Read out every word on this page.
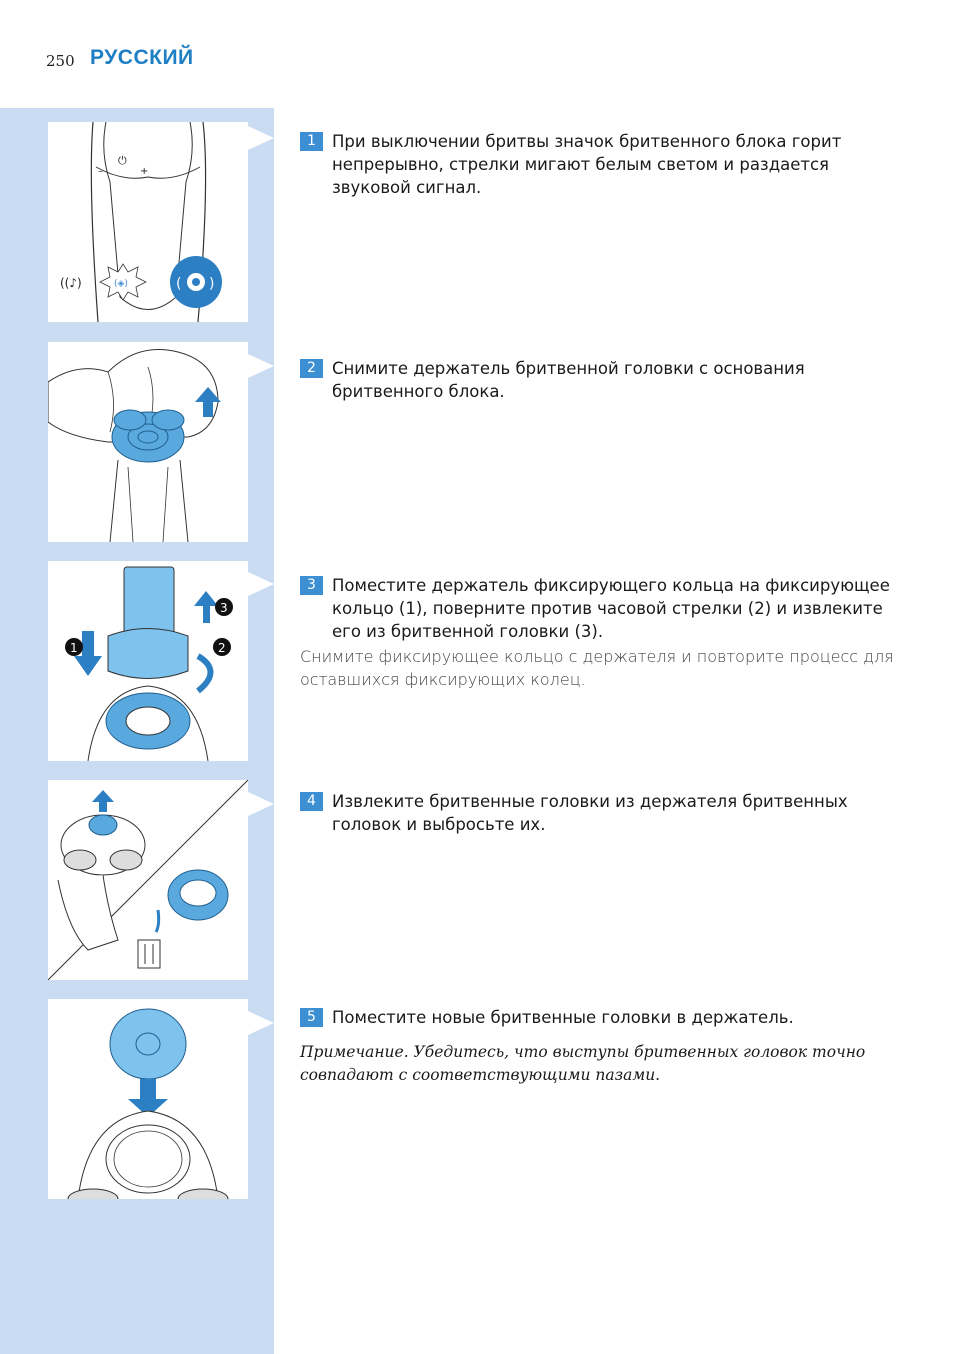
250 РУССКИЙ
⏻
–	+
(◈)
((♪)	( )
1	2
3
1 При выключении бритвы значок бритвенного блока горит непрерывно, стрелки мигают белым светом и раздается звуковой сигнал.
2 Снимите держатель бритвенной головки с основания бритвенного блока.
3 Поместите держатель фиксирующего кольца на фиксирующее кольцо (1), поверните против часовой стрелки (2) и извлеките его из бритвенной головки (3).
Снимите фиксирующее кольцо с держателя и повторите процесс для оставшихся фиксирующих колец.
4 Извлеките бритвенные головки из держателя бритвенных головок и выбросьте их.
5 Поместите новые бритвенные головки в держатель.
Примечание. Убедитесь, что выступы бритвенных головок точно совпадают с соответствующими пазами.
